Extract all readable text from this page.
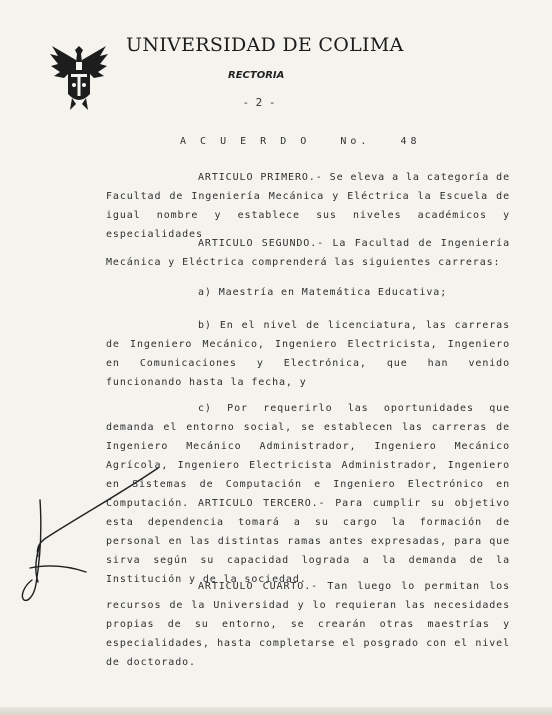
UNIVERSIDAD DE COLIMA
RECTORIA
- 2 -
A C U E R D O   No.   48
ARTICULO PRIMERO.- Se eleva a la categoría de Facultad de Ingeniería Mecánica y Eléctrica la Escuela de igual nombre y establece sus niveles académicos y especialidades
ARTICULO SEGUNDO.- La Facultad de Ingeniería Mecánica y Eléctrica comprenderá las siguientes carreras:
a) Maestría en Matemática Educativa;
b) En el nivel de licenciatura, las carreras de Ingeniero Mecánico, Ingeniero Electricista, Ingeniero en Comunicaciones y Electrónica, que han venido funcionando hasta la fecha, y
c) Por requerirlo las oportunidades que demanda el entorno social, se establecen las carreras de Ingeniero Mecánico Administrador, Ingeniero Mecánico Agrícola, Ingeniero Electricista Administrador, Ingeniero en Sistemas de Computación e Ingeniero Electrónico en Computación. ARTICULO TERCERO.- Para cumplir su objetivo esta dependencia tomará a su cargo la formación de personal en las distintas ramas antes expresadas, para que sirva según su capacidad lograda a la demanda de la Institución y de la sociedad.
ARTICULO CUARTO.- Tan luego lo permitan los recursos de la Universidad y lo requieran las necesidades propias de su entorno, se crearán otras maestrías y especialidades, hasta completarse el posgrado con el nivel de doctorado.
